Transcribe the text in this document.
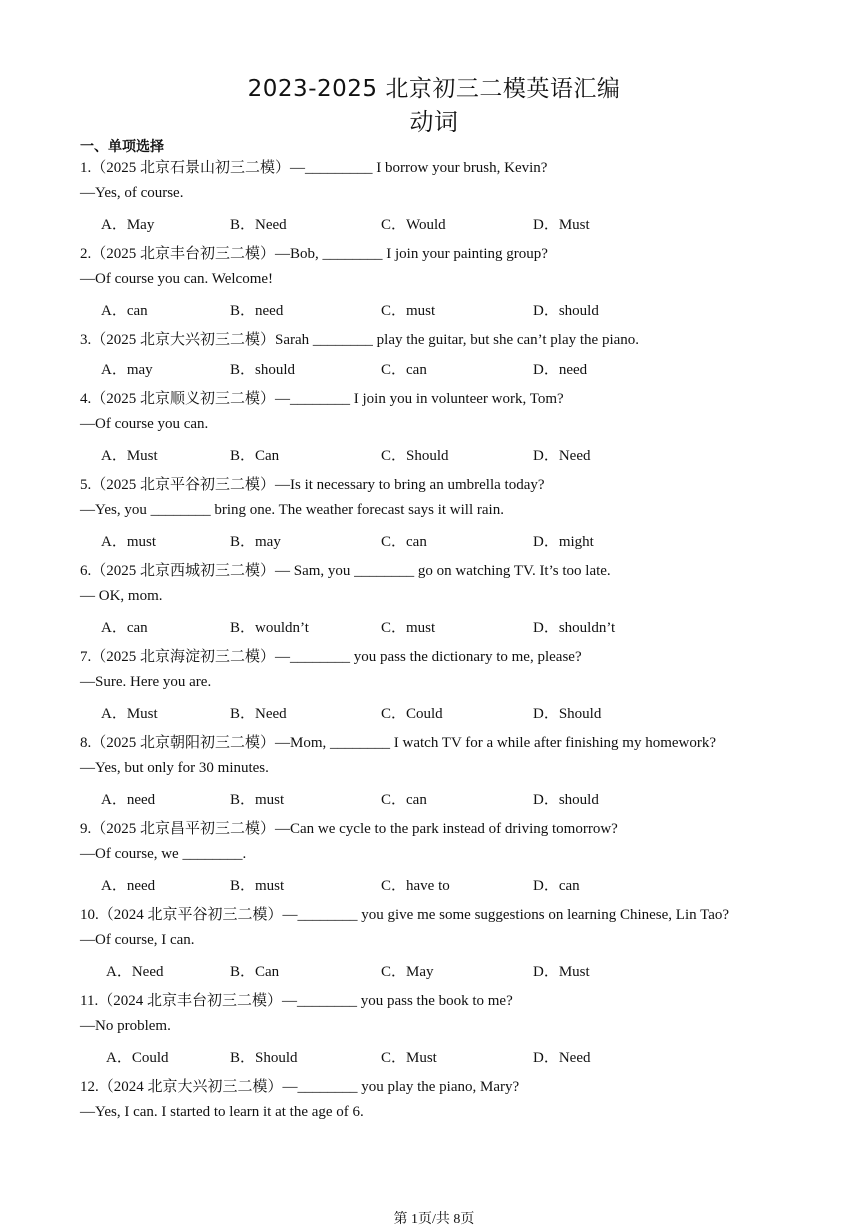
2023-2025 北京初三二模英语汇编
动词
一、单项选择
1.（2025 北京石景山初三二模）—_________ I borrow your brush, Kevin?
—Yes, of course.
A．May	B．Need	C．Would	D．Must
2.（2025 北京丰台初三二模）—Bob, ________ I join your painting group?
—Of course you can. Welcome!
A．can	B．need	C．must	D．should
3.（2025 北京大兴初三二模）Sarah ________ play the guitar, but she can’t play the piano.
A．may	B．should	C．can	D．need
4.（2025 北京顺义初三二模）—________ I join you in volunteer work, Tom?
—Of course you can.
A．Must	B．Can	C．Should	D．Need
5.（2025 北京平谷初三二模）—Is it necessary to bring an umbrella today?
—Yes, you ________ bring one. The weather forecast says it will rain.
A．must	B．may	C．can	D．might
6.（2025 北京西城初三二模）— Sam, you ________ go on watching TV. It’s too late.
— OK, mom.
A．can	B．wouldn’t	C．must	D．shouldn’t
7.（2025 北京海淀初三二模）—________ you pass the dictionary to me, please?
—Sure. Here you are.
A．Must	B．Need	C．Could	D．Should
8.（2025 北京朝阳初三二模）—Mom, ________ I watch TV for a while after finishing my homework?
—Yes, but only for 30 minutes.
A．need	B．must	C．can	D．should
9.（2025 北京昌平初三二模）—Can we cycle to the park instead of driving tomorrow?
—Of course, we ________.
A．need	B．must	C．have to	D．can
10.（2024 北京平谷初三二模）—________ you give me some suggestions on learning Chinese, Lin Tao?
—Of course, I can.
A．Need	B．Can	C．May	D．Must
11.（2024 北京丰台初三二模）—________ you pass the book to me?
—No problem.
A．Could	B．Should	C．Must	D．Need
12.（2024 北京大兴初三二模）—________ you play the piano, Mary?
—Yes, I can. I started to learn it at the age of 6.
第 1页/共 8页
